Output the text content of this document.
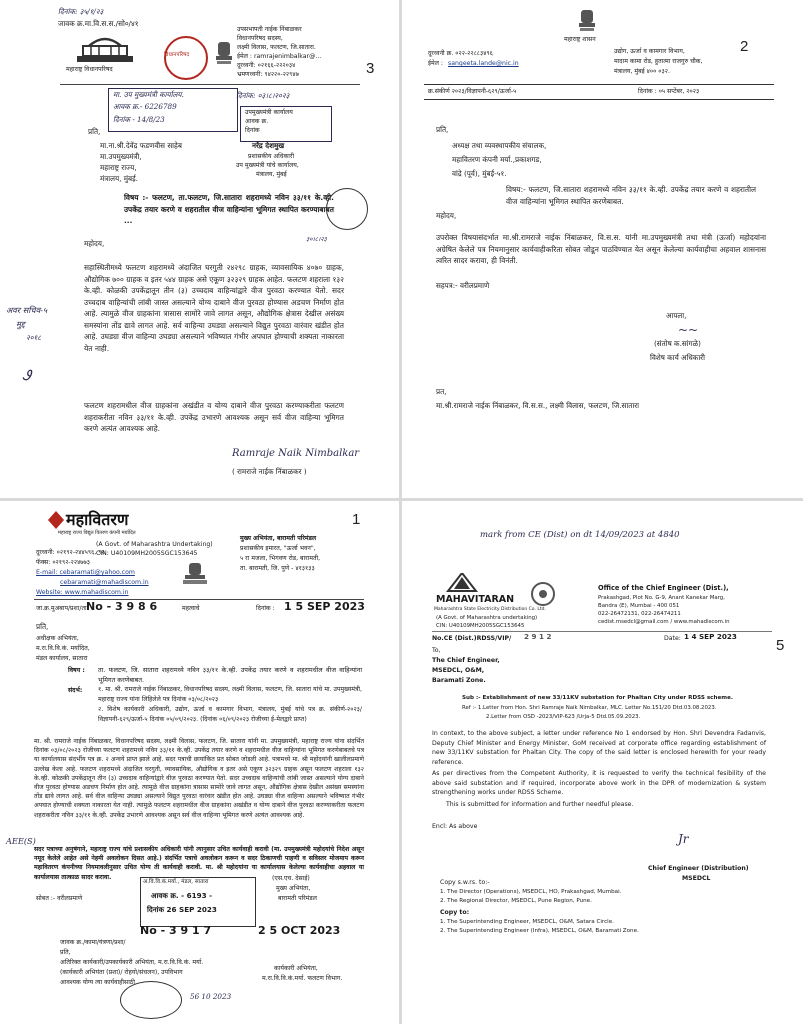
दिनांक: ३५/१/२३
जावक क्र.मा.वि.स.स./सो०/४१
महाराष्ट्र विधानपरिषद
विधानपरिषद
उपसभापती नाईक निंबाळकर
विधानपरिषद सदस्य,
लक्ष्मी विलास, फलटण, जि.सातारा.
ईमेल : ramrajenimbalkar@...
दूरध्वनी: ०२१६६-२२२०३४
भ्रमणध्वनी: ९४२२०-२२९४७	3
मा. उप मुख्यमंत्री कार्यालय.
आवक क्र.- 6226789
दिनांक - 14/8/23
दिनांक: ०३।८।२०२३
उपमुख्यमंत्री कार्यालय
आवक क्र.
दिनांक
प्रति,
मा.ना.श्री.देवेंद्र फडणवीस साहेब
मा.उपमुख्यमंत्री,
महाराष्ट्र राज्य,
मंत्रालय, मुंबई.
नरेंद्र देशमुख
प्रशासकीय अधिकारी
उप मुख्यमंत्री यांचे कार्यालय,
मंत्रालय, मुंबई
विषय :- फलटण, ता.फलटण, जि.सातारा शहरामध्ये नविन ३३/११ के.व्ही. उपकेंद्र तयार करणे व शहरातील वीज वाहिन्यांना भूमिगत स्थापित करण्याबाबत ...
३०।८।२३
महोदय,
सहास्थितीमध्ये फलटण शहरामध्ये अंदाजित घरगुती २४२९८ ग्राहक, व्यावसायिक ४०७० ग्राहक, औद्योगिक ७०० ग्राहक व इतर ५४४ ग्राहक असे एकूण ३२३२९ ग्राहक आहेत. फलटण शहराला १३२ के.व्ही. कोळकी उपकेंद्रातून तीन (३) उच्चदाब वाहिन्यांद्वारे वीज पुरवठा करण्यात येतो. सदर उच्चदाब वाहिन्यांची लांबी जास्त असल्याने योग्य दाबाने वीज पुरवठा होण्यास अडचण निर्माण होत आहे. त्यामुळे वीज ग्राहकांना त्रासास सामोरे जावे लागत असून, औद्योगिक क्षेत्रास देखील असंख्य समस्यांना तोंड द्यावे लागत आहे. सर्व वाहिन्या उघड्या असल्याने विद्युत पुरवठा वारंवार खंडीत होत आहे. उघड्या वीज वाहिन्या उघड्या असल्याने भविष्यात गंभीर अपघात होण्याची शक्यता नाकारता येत नाही.
फलटण शहरामधील वीज ग्राहकांना अखंडीत व योग्य दाबाने वीज पुरवठा करण्याकरीता फलटण शहराकरीता नविन ३३/११ के.व्ही. उपकेंद्र उभारणे आवश्यक असून सर्व वीज वाहिन्या भूमिगत करणे अत्यंत आवश्यक आहे.
अवर सचिव-५
मुद्द
२०१८
Ꮽ
Ramraje Naik Nimbalkar
( रामराजे नाईक निंबाळकर )
महाराष्ट्र शासन	2
दूरध्वनी क्र. ०२२-२२८८३४९६
ईमेल : sangeeta.lande@nic.in
उद्योग, ऊर्जा व कामगार विभाग,
मादाम कामा रोड, हुतात्मा राजगुरु चौक,
मंत्रालय, मुंबई ४०० ०३२.
क्र.संकीर्ण २०२३/विज्ञापनी-६२९/ऊर्जा-५	दिनांक : ०५ सप्टेंबर, २०२३
प्रति,
अध्यक्ष तथा व्यवस्थापकीय संचालक,
महावितरण कंपनी मर्या.,प्रकाशगड,
वांद्रे (पूर्व), मुंबई-५१.
विषय:- फलटण, जि.सातारा शहरामध्ये नविन ३३/११ के.व्ही. उपकेंद्र तयार करणे व शहरातील वीज वाहिन्यांना भूमिगत स्थापित करणेबाबत.
महोदय,
उपरोक्त विषयासंदर्भात मा.श्री.रामराजे नाईक निंबाळकर, वि.स.स. यांनी मा.उपमुख्यमंत्री तथा मंत्री (ऊर्जा) महोदयांना अग्रेषित केलेले पत्र नियमानुसार कार्यवाहीकरिता सोबत जोडून पाठविण्यात येत असून केलेल्या कार्यवाहीचा अहवाल शासनास त्वरित सादर करावा, ही विनंती.
सहपत्र:- वरीलप्रमाणे
आपला,
~~
(संतोष क.सांगळे)
विशेष कार्य अधिकारी
प्रत,
मा.श्री.रामराजे नाईक निंबाळकर, वि.स.स., लक्ष्मी विलास, फलटण, जि.सातारा
1
महावितरण
महाराष्ट्र राज्य विद्युत वितरण कंपनी मर्यादित
(A Govt. of Maharashtra Undertaking)
CIN: U40109MH2005SGC153645
मुख्य अभियंता, बारामती परिमंडल
प्रशासकीय इमारत, "ऊर्जा भवन",
५ रा मजला, भिगवण रोड, बारामती,
ता. बारामती, जि. पुणे - ४१३१३३
दूरध्वनी: ०२१९२-२४४५९६, ९२,
फॅक्स: ०२१९२-२२४७७३
E-mail: cebaramati@yahoo.com
cebaramati@mahadiscom.in
Website: www.mahadiscom.in
जा.क्र.मुअबाप/प्रशा/ता No - 3 9 8 6	महत्वाचे	दिनांक : 1 5 SEP 2023
प्रति,
अधीक्षक अभियंता,
म.रा.वि.वि.कं. मर्यादित,
मंडल कार्यालय, सातारा
विषय : ता. फलटण, जि. सातारा शहरामध्ये नविन ३३/११ के.व्ही. उपकेंद्र तयार करणे व शहरामधील वीज वाहिन्यांना भूमिगत करणेबाबत.
संदर्भ:	१. मा. श्री. रामराजे नाईक निंबाळकर, विधानपरिषद सदस्य, लक्ष्मी विलास, फलटण, जि. सातारा यांचे मा. उपमुख्यमंत्री, महाराष्ट्र राज्य यांना लिहिलेले पत्र दिनांक ०३/०८/२०२३
२. विशेष कार्यकारी अधिकारी, उद्योग, ऊर्जा व कामगार विभाग, मंत्रालय, मुंबई यांचे पत्र क्र. संकीर्ण-२०२३/विज्ञापनी-६२९/ऊर्जा-५ दिनांक ०५/०९/२०२३. (दिनांक ०६/०९/२०२३ रोजीच्या ई-मेलद्वारे प्राप्त)
मा. श्री. रामराजे नाईक निंबाळकर, विधानपरिषद सदस्य, लक्ष्मी विलास, फलटण, जि. सातारा यांनी मा. उपमुख्यमंत्री, महाराष्ट्र राज्य यांना संदर्भित दिनांक ०३/०८/२०२३ रोजीच्या फलटण शहरामध्ये नविन ३३/११ के.व्ही. उपकेंद्र तयार करणे व शहरामधील वीज वाहिन्यांना भूमिगत करणेबाबतचे पत्र या कार्यालयास संदर्भीय पत्र क्र. २ अन्वये प्राप्त झाले आहे. सदर पत्राची छायांकित प्रत सोबत जोडली आहे. पत्रामध्ये मा. श्री महोदयांनी खालीलप्रमाणे उल्लेख केला आहे. फलटण शहरामध्ये अंदाजित घरगुती, व्यावसायिक, औद्योगिक व इतर असे एकूण ३२३२९ ग्राहक असून फलटण शहराला १३२ के.व्ही. कोळकी उपकेंद्रातून तीन (३) उच्चदाब वाहिन्यांद्वारे वीज पुरवठा करण्यात येतो. सदर उच्चदाब वाहिन्यांची लांबी जास्त असल्याने योग्य दाबाने वीज पुरवठा होण्यास अडचण निर्माण होत आहे. त्यामुळे वीज ग्राहकांना त्रासास सामोरे जावे लागत असून, औद्योगिक क्षेत्रास देखील असंख्य समस्यांना तोंड द्यावे लागत आहे. सर्व वीज वाहिन्या उघड्या असल्याने विद्युत पुरवठा वारंवार खंडीत होत आहे. उघड्या वीज वाहिन्या असल्याने भविष्यात गंभीर अपघात होण्याची शक्यता नाकारता येत नाही. त्यामुळे फलटण शहरामधील वीज ग्राहकांना अखंडीत व योग्य दाबाने वीज पुरवठा करण्याकरीता फलटण शहराकरीता नविन ३३/११ के.व्ही. उपकेंद्र उभारणे आवश्यक असून सर्व वीज वाहिन्या भूमिगत करणे अत्यंत आवश्यक आहे.
सदर पत्राच्या अनुषंगाने, महाराष्ट्र राज्य यांचे प्रशासकीय अधिकारी यांनी त्यानुसार उचित कार्यवाही करावी (मा. उपमुख्यमंत्री महोदयांचे निदेश असून नमूद केलेले आहेत असे नेहमी अवलोकन दिसत आहे.) संदर्भित पत्राचे अवलोकन करून व सदर ठिकाणची पाहणी व सविस्तर मोजमाप करून महावितरण कंपनीच्या नियमावलीनुसार उचित योग्य ती कार्यवाही करावी. मा. श्री महोदयांना या कार्यालयास केलेल्या कार्यवाहीचा अहवाल या कार्यालयास तात्काळ सादर करावा.
AEE(S)
सोबत :- वरीलप्रमाणे
अ.वि.वि.कं.मर्या., मंडल, सातारा
आवक क्र. - 6193 -
दिनांक 26 SEP 2023
(एस.एच. देसाई)
मुख्य अभियंता,
बारामती परिमंडल
No - 3 9 1 7	2 5 OCT 2023
जावक क्र./कामा/यंत्रणा/प्रशा/
प्रति,
अतिरिक्त कार्यकारी/उपकार्यकारी अभियंता, म.रा.वि.वि.कं. मर्या.
(कार्यकारी अभियंता (प्रशा)/ रोहयो/संचलन), उपविभाग
आवश्यक योग्य त्या कार्यवाहीसाठी
56 10 2023
कार्यकारी अभियंता,
म.रा.वि.वि.कं.मर्या. फलटण विभाग.
mark from CE (Dist) on dt 14/09/2023 at 4840
MAHAVITARAN
Maharashtra State Electricity Distribution Co. Ltd.
(A Govt. of Maharashtra undertaking)
CIN: U40109MH2005SGC153645
Office of the Chief Engineer (Dist.),
Prakashgad, Plot No. G-9, Anant Kanekar Marg,
Bandra (E), Mumbai - 400 051
022-26472131, 022-26474211
cedist.msedcl@gmail.com / www.mahadiscom.in
No.CE (Dist.)RDSS/VIP/ 2 9 1 2	Date: 1 4 SEP 2023
5
To,
The Chief Engineer,
MSEDCL, O&M,
Baramati Zone.
Sub :- Establishment of new 33/11KV substation for Phaltan City under RDSS scheme.
Ref :- 1.Letter from Hon. Shri Ramraje Naik Nimbalkar, MLC. Letter No.151/20 Dtd.03.08.2023.
2.Letter from OSD -2023/VIP-623 /Urja-5 Dtd.05.09.2023.
In context, to the above subject, a letter under reference No 1 endorsed by Hon. Shri Devendra Fadanvis, Deputy Chief Minister and Energy Minister, GoM received at corporate office regarding establishment of new 33/11KV substation for Phaltan City. The copy of the said letter is enclosed herewith for your ready reference.
As per directives from the Competent Authority, it is requested to verify the technical fesibility of the above said substation and if required, incorporate above work in the DPR of modernization & system strengthening works under RDSS Scheme.
This is submitted for information and further needful please.
Encl: As above
Jr
Chief Engineer (Distribution)
MSEDCL
Copy s.w.rs. to:-
1. The Director (Operations), MSEDCL, HO, Prakashgad, Mumbai.
2. The Regional Director, MSEDCL, Pune Region, Pune.
Copy to:
1. The Superintending Engineer, MSEDCL, O&M, Satara Circle.
2. The Superintending Engineer (Infra), MSEDCL, O&M, Baramati Zone.
